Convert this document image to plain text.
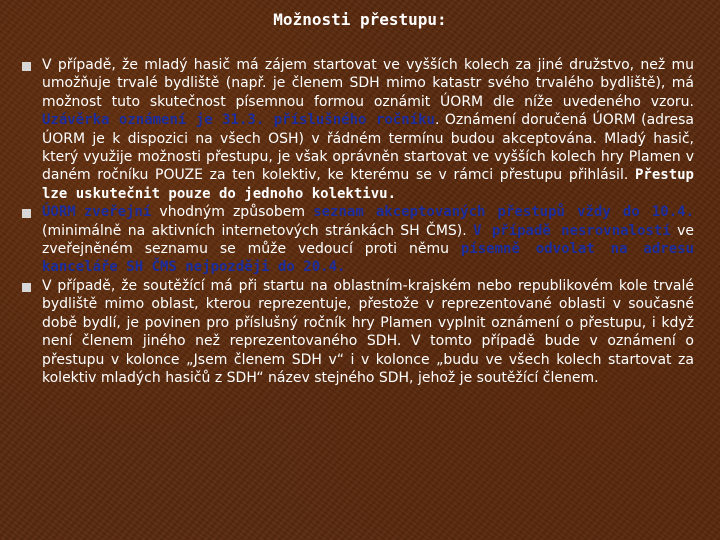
Možnosti přestupu:
V případě, že mladý hasič má zájem startovat ve vyšších kolech za jiné družstvo, než mu umožňuje trvalé bydliště (např. je členem SDH mimo katastr svého trvalého bydliště), má možnost tuto skutečnost písemnou formou oznámit ÚORM dle níže uvedeného vzoru. Uzávěrka oznámení je 31.3. příslušného ročníku. Oznámení doručená ÚORM (adresa ÚORM je k dispozici na všech OSH) v řádném termínu budou akceptována. Mladý hasič, který využije možnosti přestupu, je však oprávněn startovat ve vyšších kolech hry Plamen v daném ročníku POUZE za ten kolektiv, ke kterému se v rámci přestupu přihlásil. Přestup lze uskutečnit pouze do jednoho kolektivu.
ÚORM zveřejní vhodným způsobem seznam akceptovaných přestupů vždy do 10.4. (minimálně na aktivních internetových stránkách SH ČMS). V případě nesrovnalostí ve zveřejněném seznamu se může vedoucí proti němu písemně odvolat na adresu kanceláře SH ČMS nejpozději do 20.4.
V případě, že soutěžící má při startu na oblastním-krajském nebo republikovém kole trvalé bydliště mimo oblast, kterou reprezentuje, přestože v reprezentované oblasti v současné době bydlí, je povinen pro příslušný ročník hry Plamen vyplnit oznámení o přestupu, i když není členem jiného než reprezentovaného SDH. V tomto případě bude v oznámení o přestupu v kolonce „Jsem členem SDH v“ i v kolonce „budu ve všech kolech startovat za kolektiv mladých hasičů z SDH“ název stejného SDH, jehož je soutěžící členem.
